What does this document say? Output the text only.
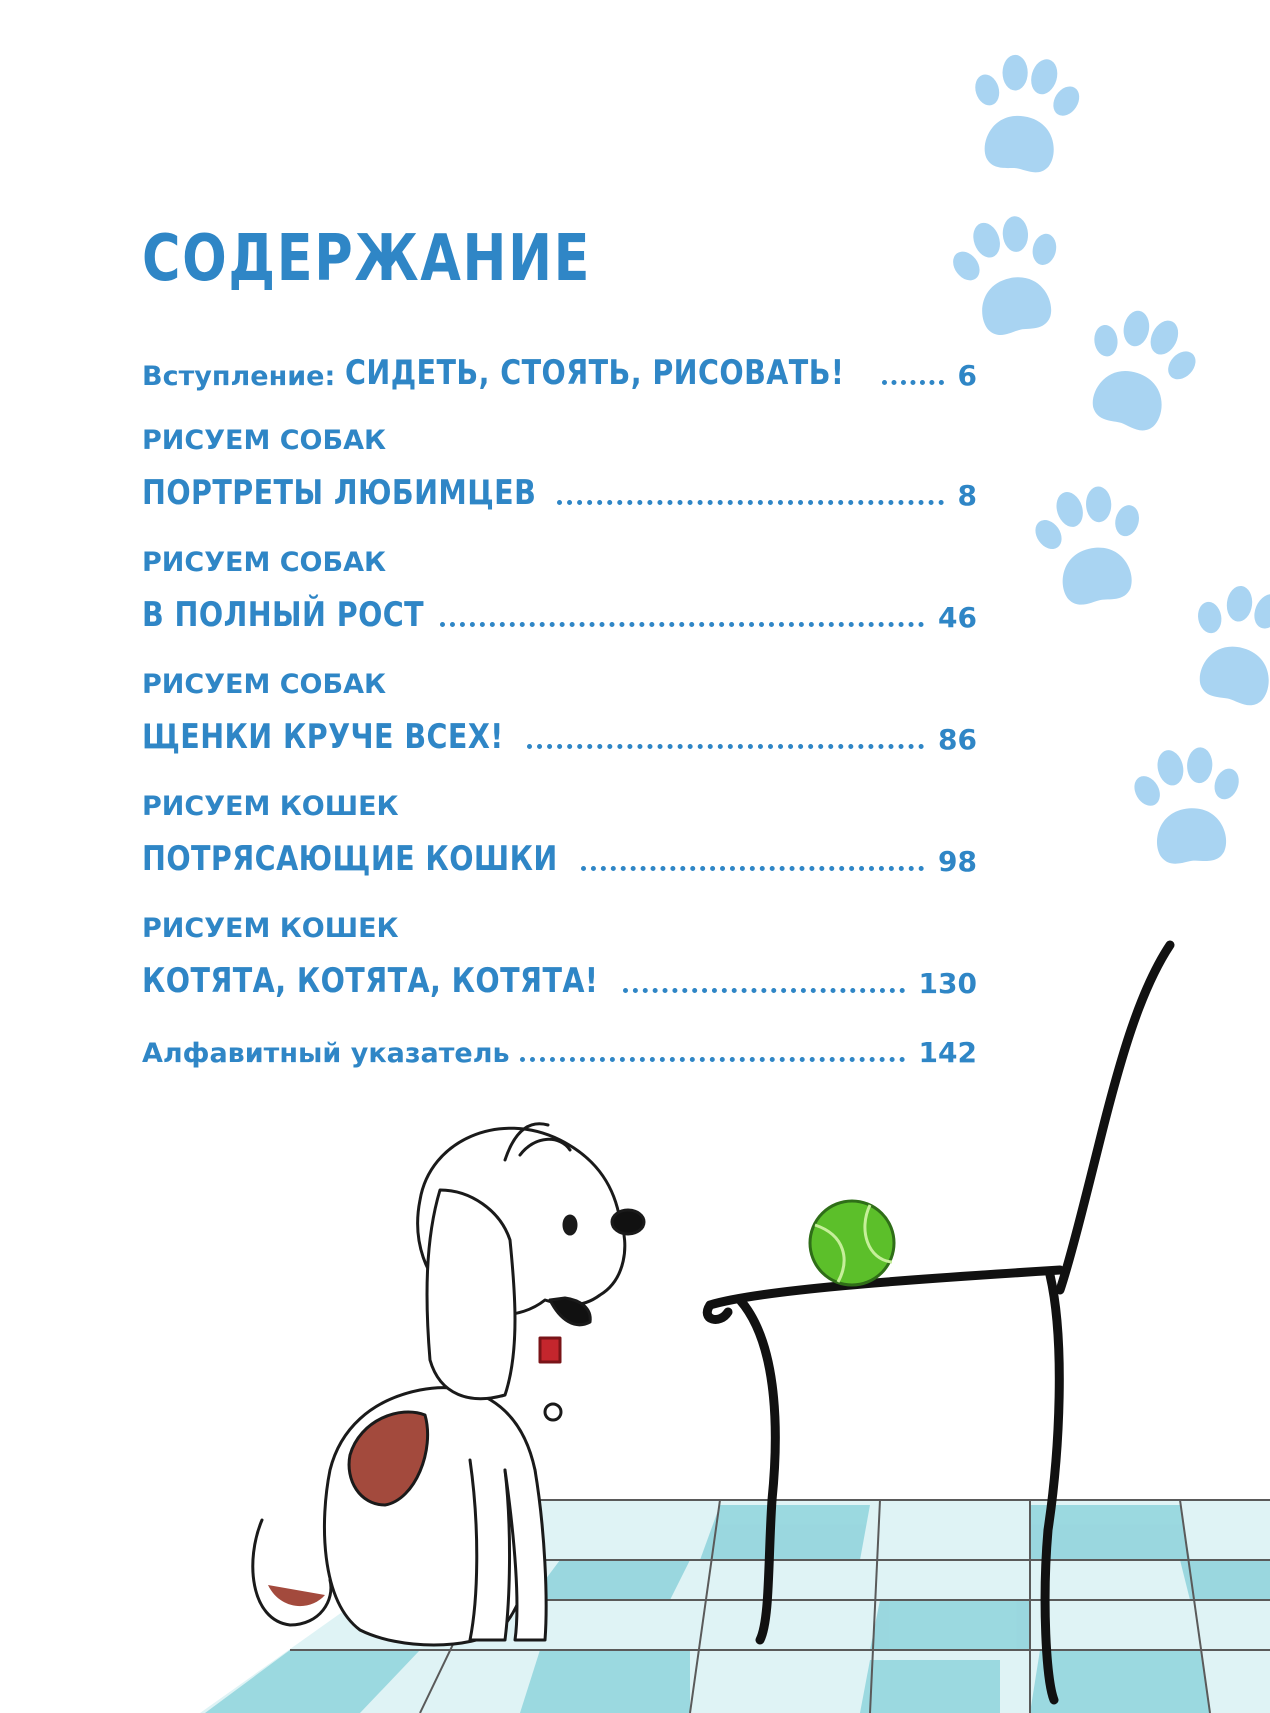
СОДЕРЖАНИЕ
Вступление: СИДЕТЬ, СТОЯТЬ, РИСОВАТЬ!	6
РИСУЕМ СОБАК
ПОРТРЕТЫ ЛЮБИМЦЕВ	8
РИСУЕМ СОБАК
В ПОЛНЫЙ РОСТ	46
РИСУЕМ СОБАК
ЩЕНКИ КРУЧЕ ВСЕХ!	86
РИСУЕМ КОШЕК
ПОТРЯСАЮЩИЕ КОШКИ	98
РИСУЕМ КОШЕК
КОТЯТА, КОТЯТА, КОТЯТА!	130
Алфавитный указатель	142
